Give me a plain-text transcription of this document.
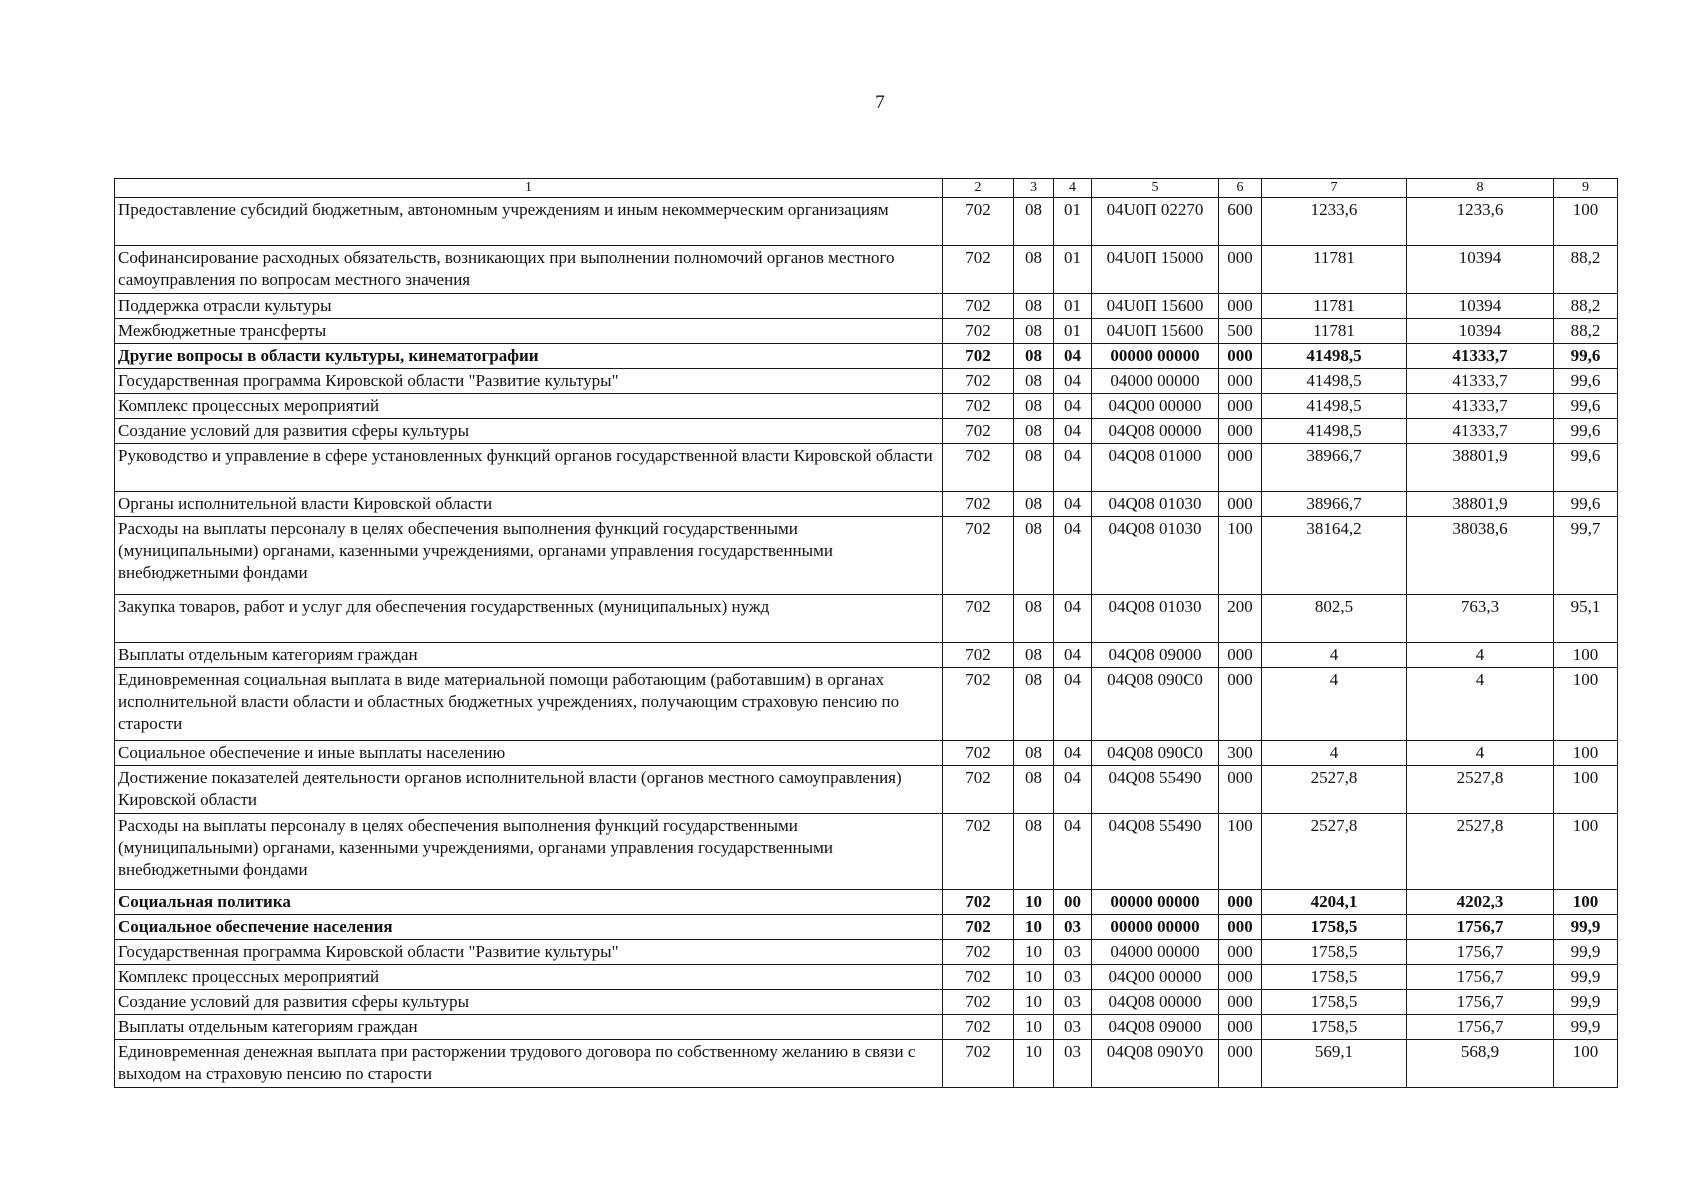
7
1	2	3	4	5	6	7	8	9
Предоставление субсидий бюджетным, автономным учреждениям и иным некоммерческим организациям	702	08	01	04U0П 02270	600	1233,6	1233,6	100
Софинансирование расходных обязательств, возникающих при выполнении полномочий органов местного самоуправления по вопросам местного значения	702	08	01	04U0П 15000	000	11781	10394	88,2
Поддержка отрасли культуры	702	08	01	04U0П 15600	000	11781	10394	88,2
Межбюджетные трансферты	702	08	01	04U0П 15600	500	11781	10394	88,2
Другие вопросы в области культуры, кинематографии	702	08	04	00000 00000	000	41498,5	41333,7	99,6
Государственная программа Кировской области "Развитие культуры"	702	08	04	04000 00000	000	41498,5	41333,7	99,6
Комплекс процессных мероприятий	702	08	04	04Q00 00000	000	41498,5	41333,7	99,6
Создание условий для развития сферы культуры	702	08	04	04Q08 00000	000	41498,5	41333,7	99,6
Руководство и управление в сфере установленных функций органов государственной власти Кировской области	702	08	04	04Q08 01000	000	38966,7	38801,9	99,6
Органы исполнительной власти Кировской области	702	08	04	04Q08 01030	000	38966,7	38801,9	99,6
Расходы на выплаты персоналу в целях обеспечения выполнения функций государственными (муниципальными) органами, казенными учреждениями, органами управления государственными внебюджетными фондами	702	08	04	04Q08 01030	100	38164,2	38038,6	99,7
Закупка товаров, работ и услуг для обеспечения государственных (муниципальных) нужд	702	08	04	04Q08 01030	200	802,5	763,3	95,1
Выплаты отдельным категориям граждан	702	08	04	04Q08 09000	000	4	4	100
Единовременная социальная выплата в виде материальной помощи работающим (работавшим) в органах исполнительной власти области и областных бюджетных учреждениях, получающим страховую пенсию по старости	702	08	04	04Q08 090С0	000	4	4	100
Социальное обеспечение и иные выплаты населению	702	08	04	04Q08 090С0	300	4	4	100
Достижение показателей деятельности органов исполнительной власти (органов местного самоуправления) Кировской области	702	08	04	04Q08 55490	000	2527,8	2527,8	100
Расходы на выплаты персоналу в целях обеспечения выполнения функций государственными (муниципальными) органами, казенными учреждениями, органами управления государственными внебюджетными фондами	702	08	04	04Q08 55490	100	2527,8	2527,8	100
Социальная политика	702	10	00	00000 00000	000	4204,1	4202,3	100
Социальное обеспечение населения	702	10	03	00000 00000	000	1758,5	1756,7	99,9
Государственная программа Кировской области "Развитие культуры"	702	10	03	04000 00000	000	1758,5	1756,7	99,9
Комплекс процессных мероприятий	702	10	03	04Q00 00000	000	1758,5	1756,7	99,9
Создание условий для развития сферы культуры	702	10	03	04Q08 00000	000	1758,5	1756,7	99,9
Выплаты отдельным категориям граждан	702	10	03	04Q08 09000	000	1758,5	1756,7	99,9
Единовременная денежная выплата при расторжении трудового договора по собственному желанию в связи с выходом на страховую пенсию по старости	702	10	03	04Q08 090У0	000	569,1	568,9	100
